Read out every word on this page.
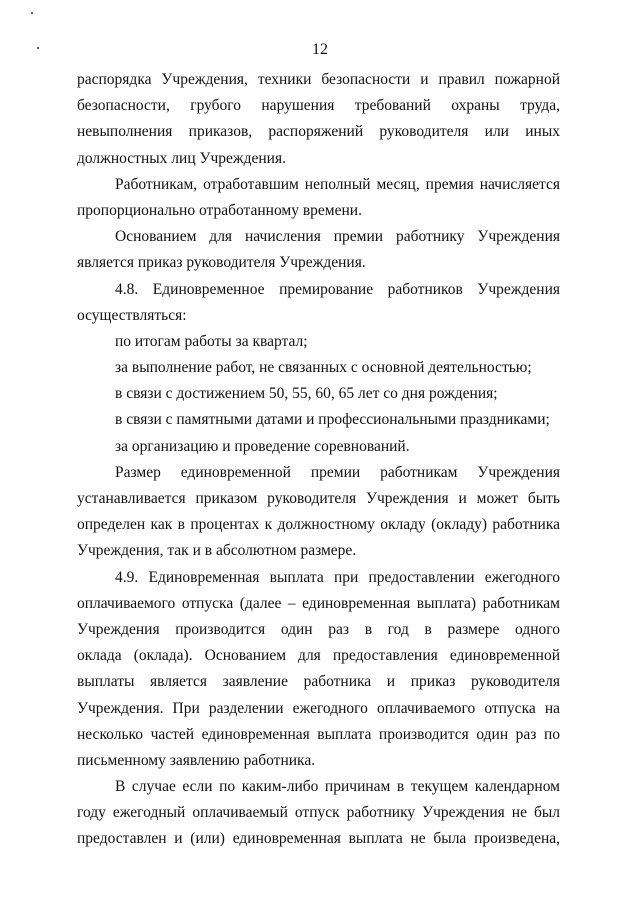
12
распорядка Учреждения, техники безопасности и правил пожарной
безопасности, грубого нарушения требований охраны труда,
невыполнения приказов, распоряжений руководителя или иных
должностных лиц Учреждения.
Работникам, отработавшим неполный месяц, премия начисляется
пропорционально отработанному времени.
Основанием для начисления премии работнику Учреждения
является приказ руководителя Учреждения.
4.8. Единовременное премирование работников Учреждения
осуществляться:
по итогам работы за квартал;
за выполнение работ, не связанных с основной деятельностью;
в связи с достижением 50, 55, 60, 65 лет со дня рождения;
в связи с памятными датами и профессиональными праздниками;
за организацию и проведение соревнований.
Размер единовременной премии работникам Учреждения
устанавливается приказом руководителя Учреждения и может быть
определен как в процентах к должностному окладу (окладу) работника
Учреждения, так и в абсолютном размере.
4.9. Единовременная выплата при предоставлении ежегодного
оплачиваемого отпуска (далее – единовременная выплата) работникам
Учреждения производится один раз в год в размере одного
оклада (оклада). Основанием для предоставления единовременной
выплаты является заявление работника и приказ руководителя
Учреждения. При разделении ежегодного оплачиваемого отпуска на
несколько частей единовременная выплата производится один раз по
письменному заявлению работника.
В случае если по каким-либо причинам в текущем календарном
году ежегодный оплачиваемый отпуск работнику Учреждения не был
предоставлен и (или) единовременная выплата не была произведена,
